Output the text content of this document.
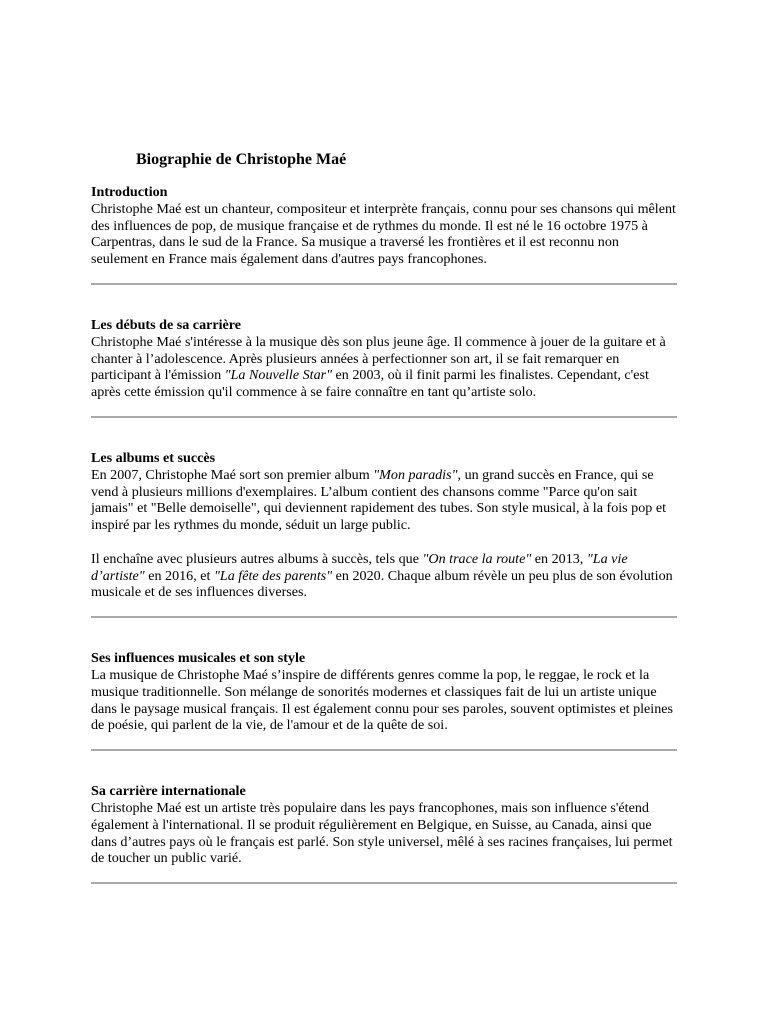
Biographie de Christophe Maé
Introduction

Christophe Maé est un chanteur, compositeur et interprète français, connu pour ses chansons qui mêlent des influences de pop, de musique française et de rythmes du monde. Il est né le 16 octobre 1975 à Carpentras, dans le sud de la France. Sa musique a traversé les frontières et il est reconnu non seulement en France mais également dans d'autres pays francophones.

Les débuts de sa carrière

Christophe Maé s'intéresse à la musique dès son plus jeune âge. Il commence à jouer de la guitare et à chanter à l’adolescence. Après plusieurs années à perfectionner son art, il se fait remarquer en participant à l'émission "La Nouvelle Star" en 2003, où il finit parmi les finalistes. Cependant, c'est après cette émission qu'il commence à se faire connaître en tant qu’artiste solo.

Les albums et succès

En 2007, Christophe Maé sort son premier album "Mon paradis", un grand succès en France, qui se vend à plusieurs millions d'exemplaires. L’album contient des chansons comme "Parce qu'on sait jamais" et "Belle demoiselle", qui deviennent rapidement des tubes. Son style musical, à la fois pop et inspiré par les rythmes du monde, séduit un large public.

Il enchaîne avec plusieurs autres albums à succès, tels que "On trace la route" en 2013, "La vie d’artiste" en 2016, et "La fête des parents" en 2020. Chaque album révèle un peu plus de son évolution musicale et de ses influences diverses.

Ses influences musicales et son style

La musique de Christophe Maé s’inspire de différents genres comme la pop, le reggae, le rock et la musique traditionnelle. Son mélange de sonorités modernes et classiques fait de lui un artiste unique dans le paysage musical français. Il est également connu pour ses paroles, souvent optimistes et pleines de poésie, qui parlent de la vie, de l'amour et de la quête de soi.

Sa carrière internationale

Christophe Maé est un artiste très populaire dans les pays francophones, mais son influence s'étend également à l'international. Il se produit régulièrement en Belgique, en Suisse, au Canada, ainsi que dans d’autres pays où le français est parlé. Son style universel, mêlé à ses racines françaises, lui permet de toucher un public varié.
